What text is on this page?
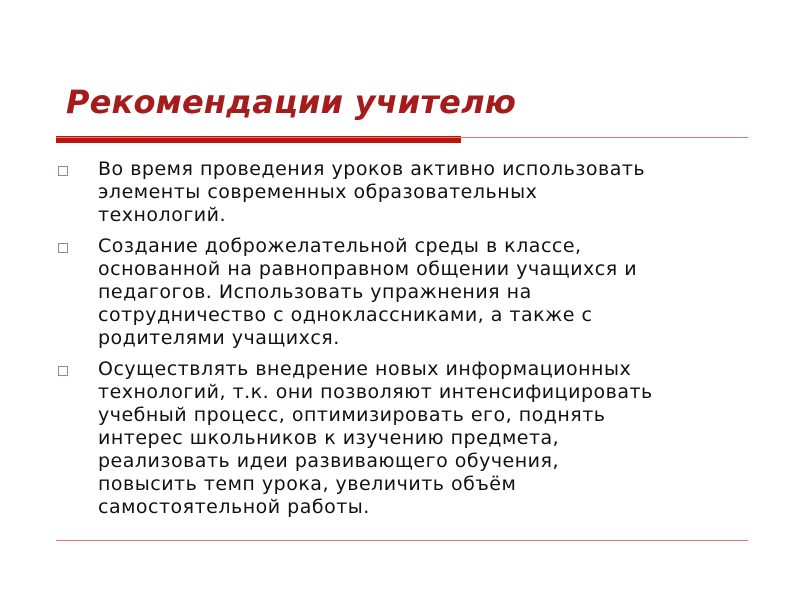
Рекомендации учителю
Во время проведения уроков активно использовать
элементы современных образовательных
технологий.
Создание доброжелательной среды в классе,
основанной на равноправном общении учащихся и
педагогов. Использовать упражнения на
сотрудничество с одноклассниками, а также с
родителями учащихся.
Осуществлять внедрение новых информационных
технологий, т.к. они позволяют интенсифицировать
учебный процесс, оптимизировать его, поднять
интерес школьников к изучению предмета,
реализовать идеи развивающего обучения,
повысить темп урока, увеличить объём
самостоятельной работы.
